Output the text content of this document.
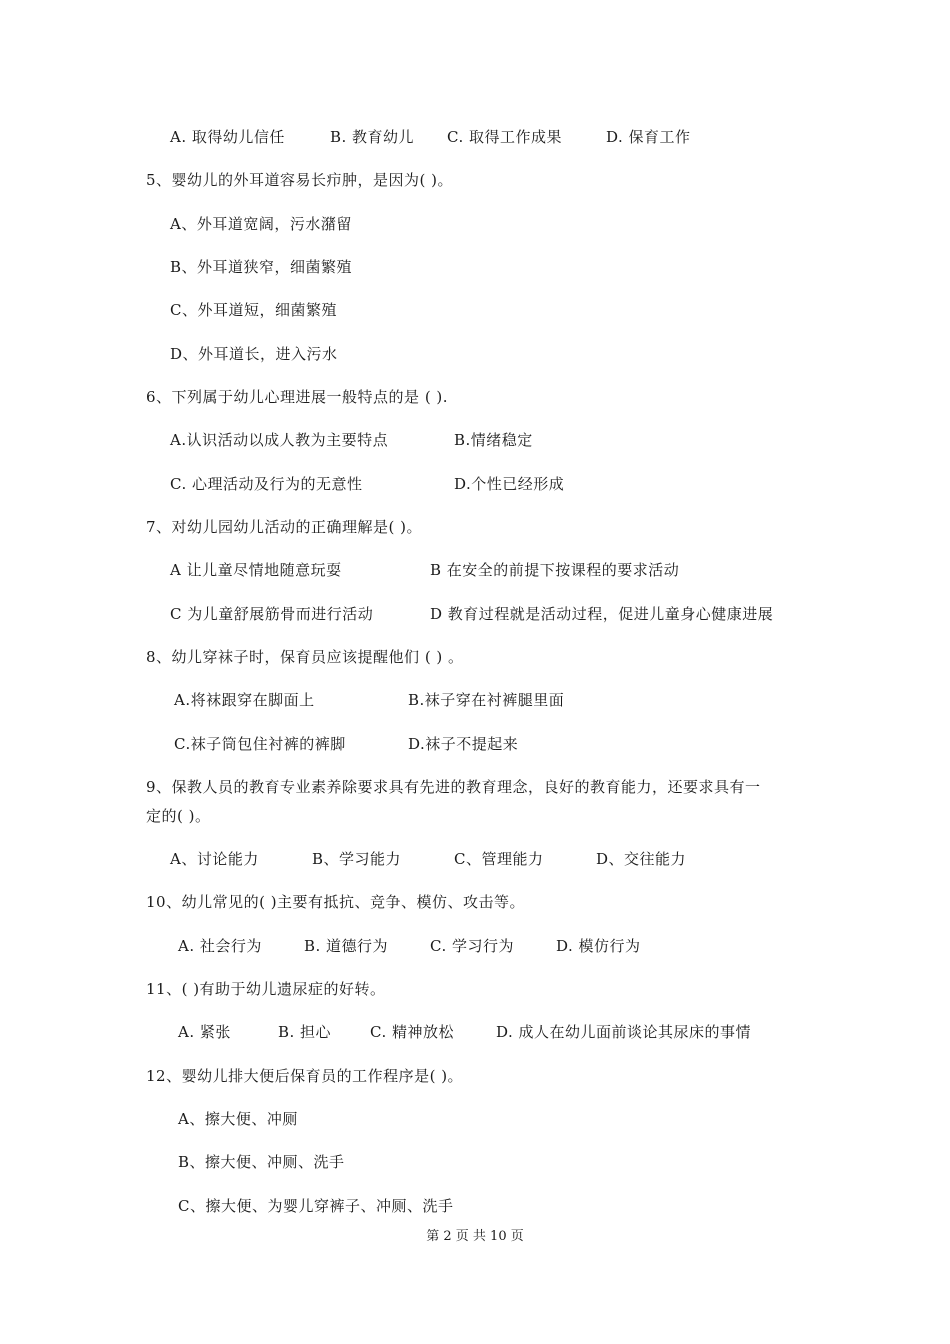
A. 取得幼儿信任	B. 教育幼儿 C. 取得工作成果	D. 保育工作
5、婴幼儿的外耳道容易长疖肿，是因为( )。
A、外耳道宽阔，污水潴留
B、外耳道狭窄，细菌繁殖
C、外耳道短，细菌繁殖
D、外耳道长，进入污水
6、下列属于幼儿心理进展一般特点的是 ( ).
A.认识活动以成人教为主要特点	B.情绪稳定
C. 心理活动及行为的无意性	D.个性已经形成
7、对幼儿园幼儿活动的正确理解是( )。
A 让儿童尽情地随意玩耍	B 在安全的前提下按课程的要求活动
C 为儿童舒展筋骨而进行活动	D 教育过程就是活动过程，促进儿童身心健康进展
8、幼儿穿袜子时，保育员应该提醒他们 ( ) 。
A.将袜跟穿在脚面上	B.袜子穿在衬裤腿里面
C.袜子筒包住衬裤的裤脚	D.袜子不提起来
9、保教人员的教育专业素养除要求具有先进的教育理念，良好的教育能力，还要求具有一
定的( )。
A、讨论能力	B、学习能力	C、管理能力	D、交往能力
10、幼儿常见的( )主要有抵抗、竞争、模仿、攻击等。
A. 社会行为	B. 道德行为	C. 学习行为	D. 模仿行为
11、( )有助于幼儿遗尿症的好转。
A. 紧张	B. 担心	C. 精神放松	D. 成人在幼儿面前谈论其尿床的事情
12、婴幼儿排大便后保育员的工作程序是( )。
A、擦大便、冲厕
B、擦大便、冲厕、洗手
C、擦大便、为婴儿穿裤子、冲厕、洗手
第 2 页 共 10 页
